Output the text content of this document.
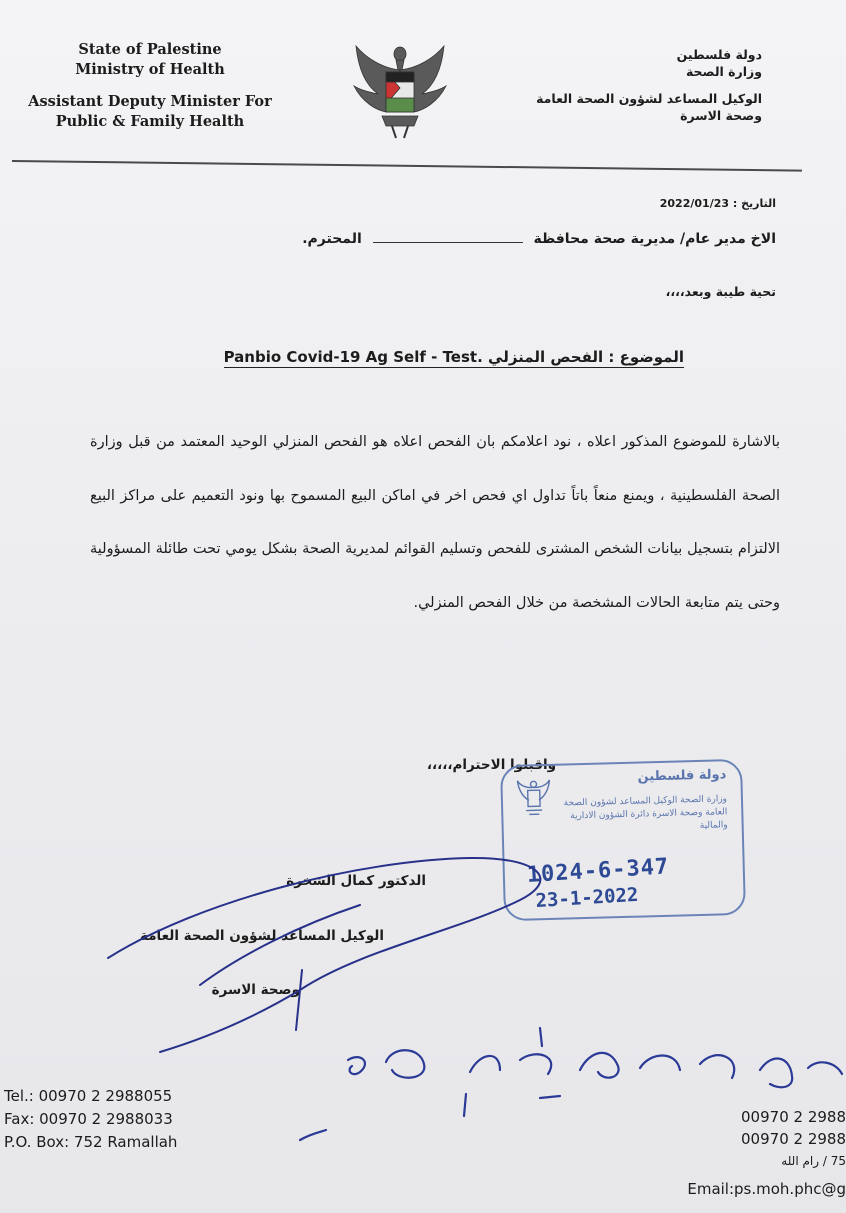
State of Palestine
Ministry of Health
Assistant Deputy Minister For
Public & Family Health
دولة فلسطين
وزارة الصحة
الوكيل المساعد لشؤون الصحة العامة
وصحة الاسرة
التاريخ : 2022/01/23
الاخ مدير عام/ مديرية صحة محافظة  المحترم.
تحية طيبة وبعد،،،،
الموضوع : الفحص المنزلي Panbio Covid-19 Ag Self - Test.
بالاشارة للموضوع المذكور اعلاه ، نود اعلامكم بان الفحص اعلاه هو الفحص المنزلي الوحيد المعتمد من قبل وزارة الصحة الفلسطينية ، ويمنع منعاً باتاً تداول اي فحص اخر في اماكن البيع المسموح بها ونود التعميم على مراكز البيع الالتزام بتسجيل بيانات الشخص المشترى للفحص وتسليم القوائم لمديرية الصحة بشكل يومي تحت طائلة المسؤولية وحتى يتم متابعة الحالات المشخصة من خلال الفحص المنزلي.
واقبلوا الاحترام،،،،،
الدكتور كمال الشخرة
الوكيل المساعد لشؤون الصحة العامة
وصحة الاسرة
دولة فلسطين
وزارة الصحة الوكيل المساعد لشؤون الصحة العامة وصحة الاسرة دائرة الشؤون الادارية والمالية
1024-6-347
23-1-2022
Tel.: 00970 2 2988055
Fax: 00970 2 2988033
P.O. Box: 752 Ramallah
00970 2 2988
00970 2 2988
75 / رام الله
Email:ps.moh.phc@g
